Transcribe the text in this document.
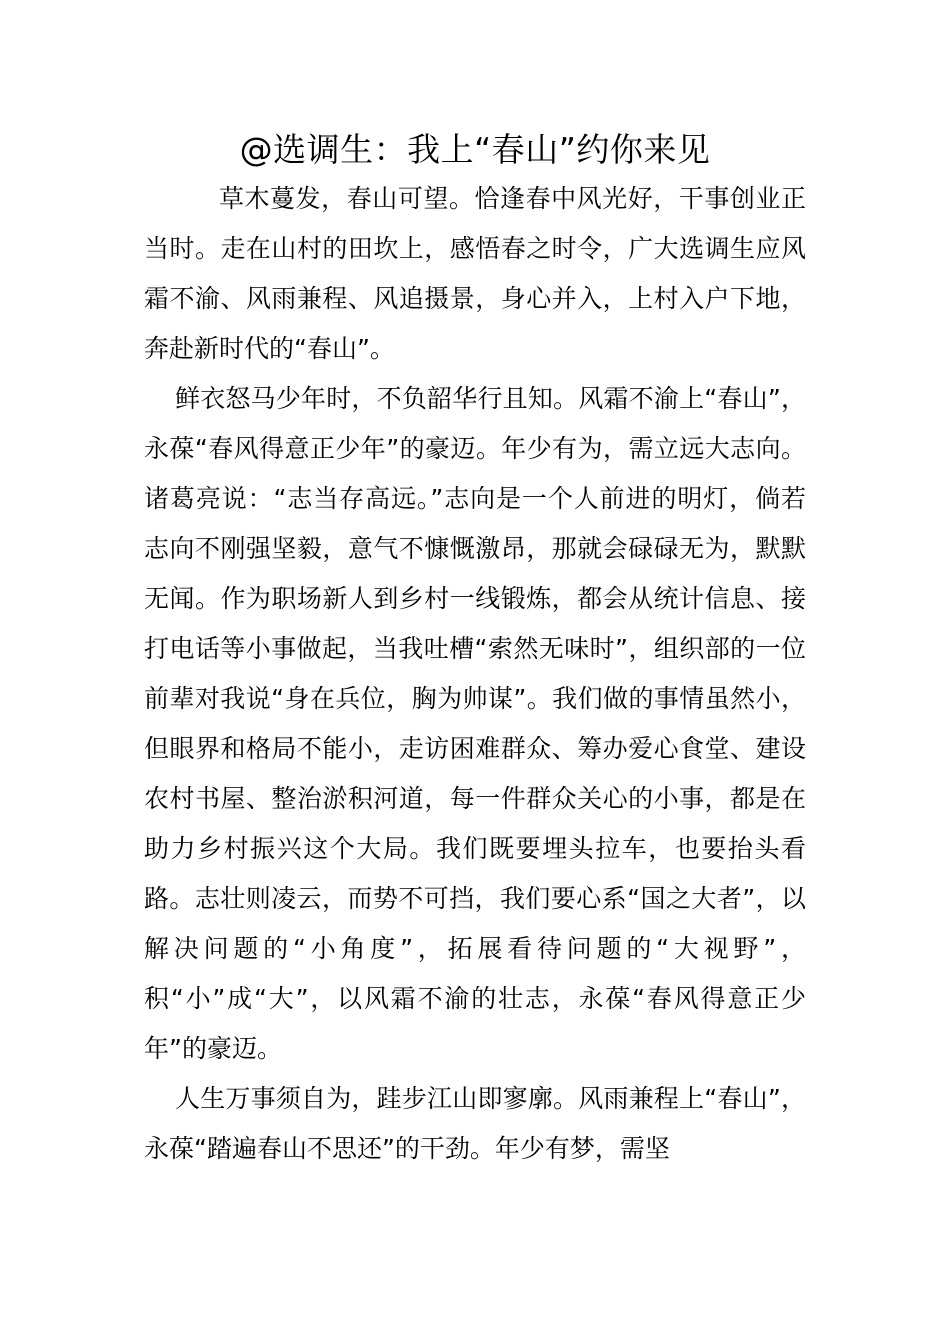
@选调生：我上“春山”约你来见

草木蔓发，春山可望。恰逢春中风光好，干事创业正当时。走在山村的田坎上，感悟春之时令，广大选调生应风霜不渝、风雨兼程、风追摄景，身心并入，上村入户下地，奔赴新时代的“春山”。

鲜衣怒马少年时，不负韶华行且知。风霜不渝上“春山”，永葆“春风得意正少年”的豪迈。年少有为，需立远大志向。诸葛亮说：“志当存高远。”志向是一个人前进的明灯，倘若志向不刚强坚毅，意气不慷慨激昂，那就会碌碌无为，默默无闻。作为职场新人到乡村一线锻炼，都会从统计信息、接打电话等小事做起，当我吐槽“索然无味时”，组织部的一位前辈对我说“身在兵位，胸为帅谋”。我们做的事情虽然小，但眼界和格局不能小，走访困难群众、筹办爱心食堂、建设农村书屋、整治淤积河道，每一件群众关心的小事，都是在助力乡村振兴这个大局。我们既要埋头拉车，也要抬头看路。志壮则凌云，而势不可挡，我们要心系“国之大者”，以解决问题的“小角度”，拓展看待问题的“大视野”，积“小”成“大”，以风霜不渝的壮志，永葆“春风得意正少年”的豪迈。

人生万事须自为，跬步江山即寥廓。风雨兼程上“春山”，永葆“踏遍春山不思还”的干劲。年少有梦，需坚
